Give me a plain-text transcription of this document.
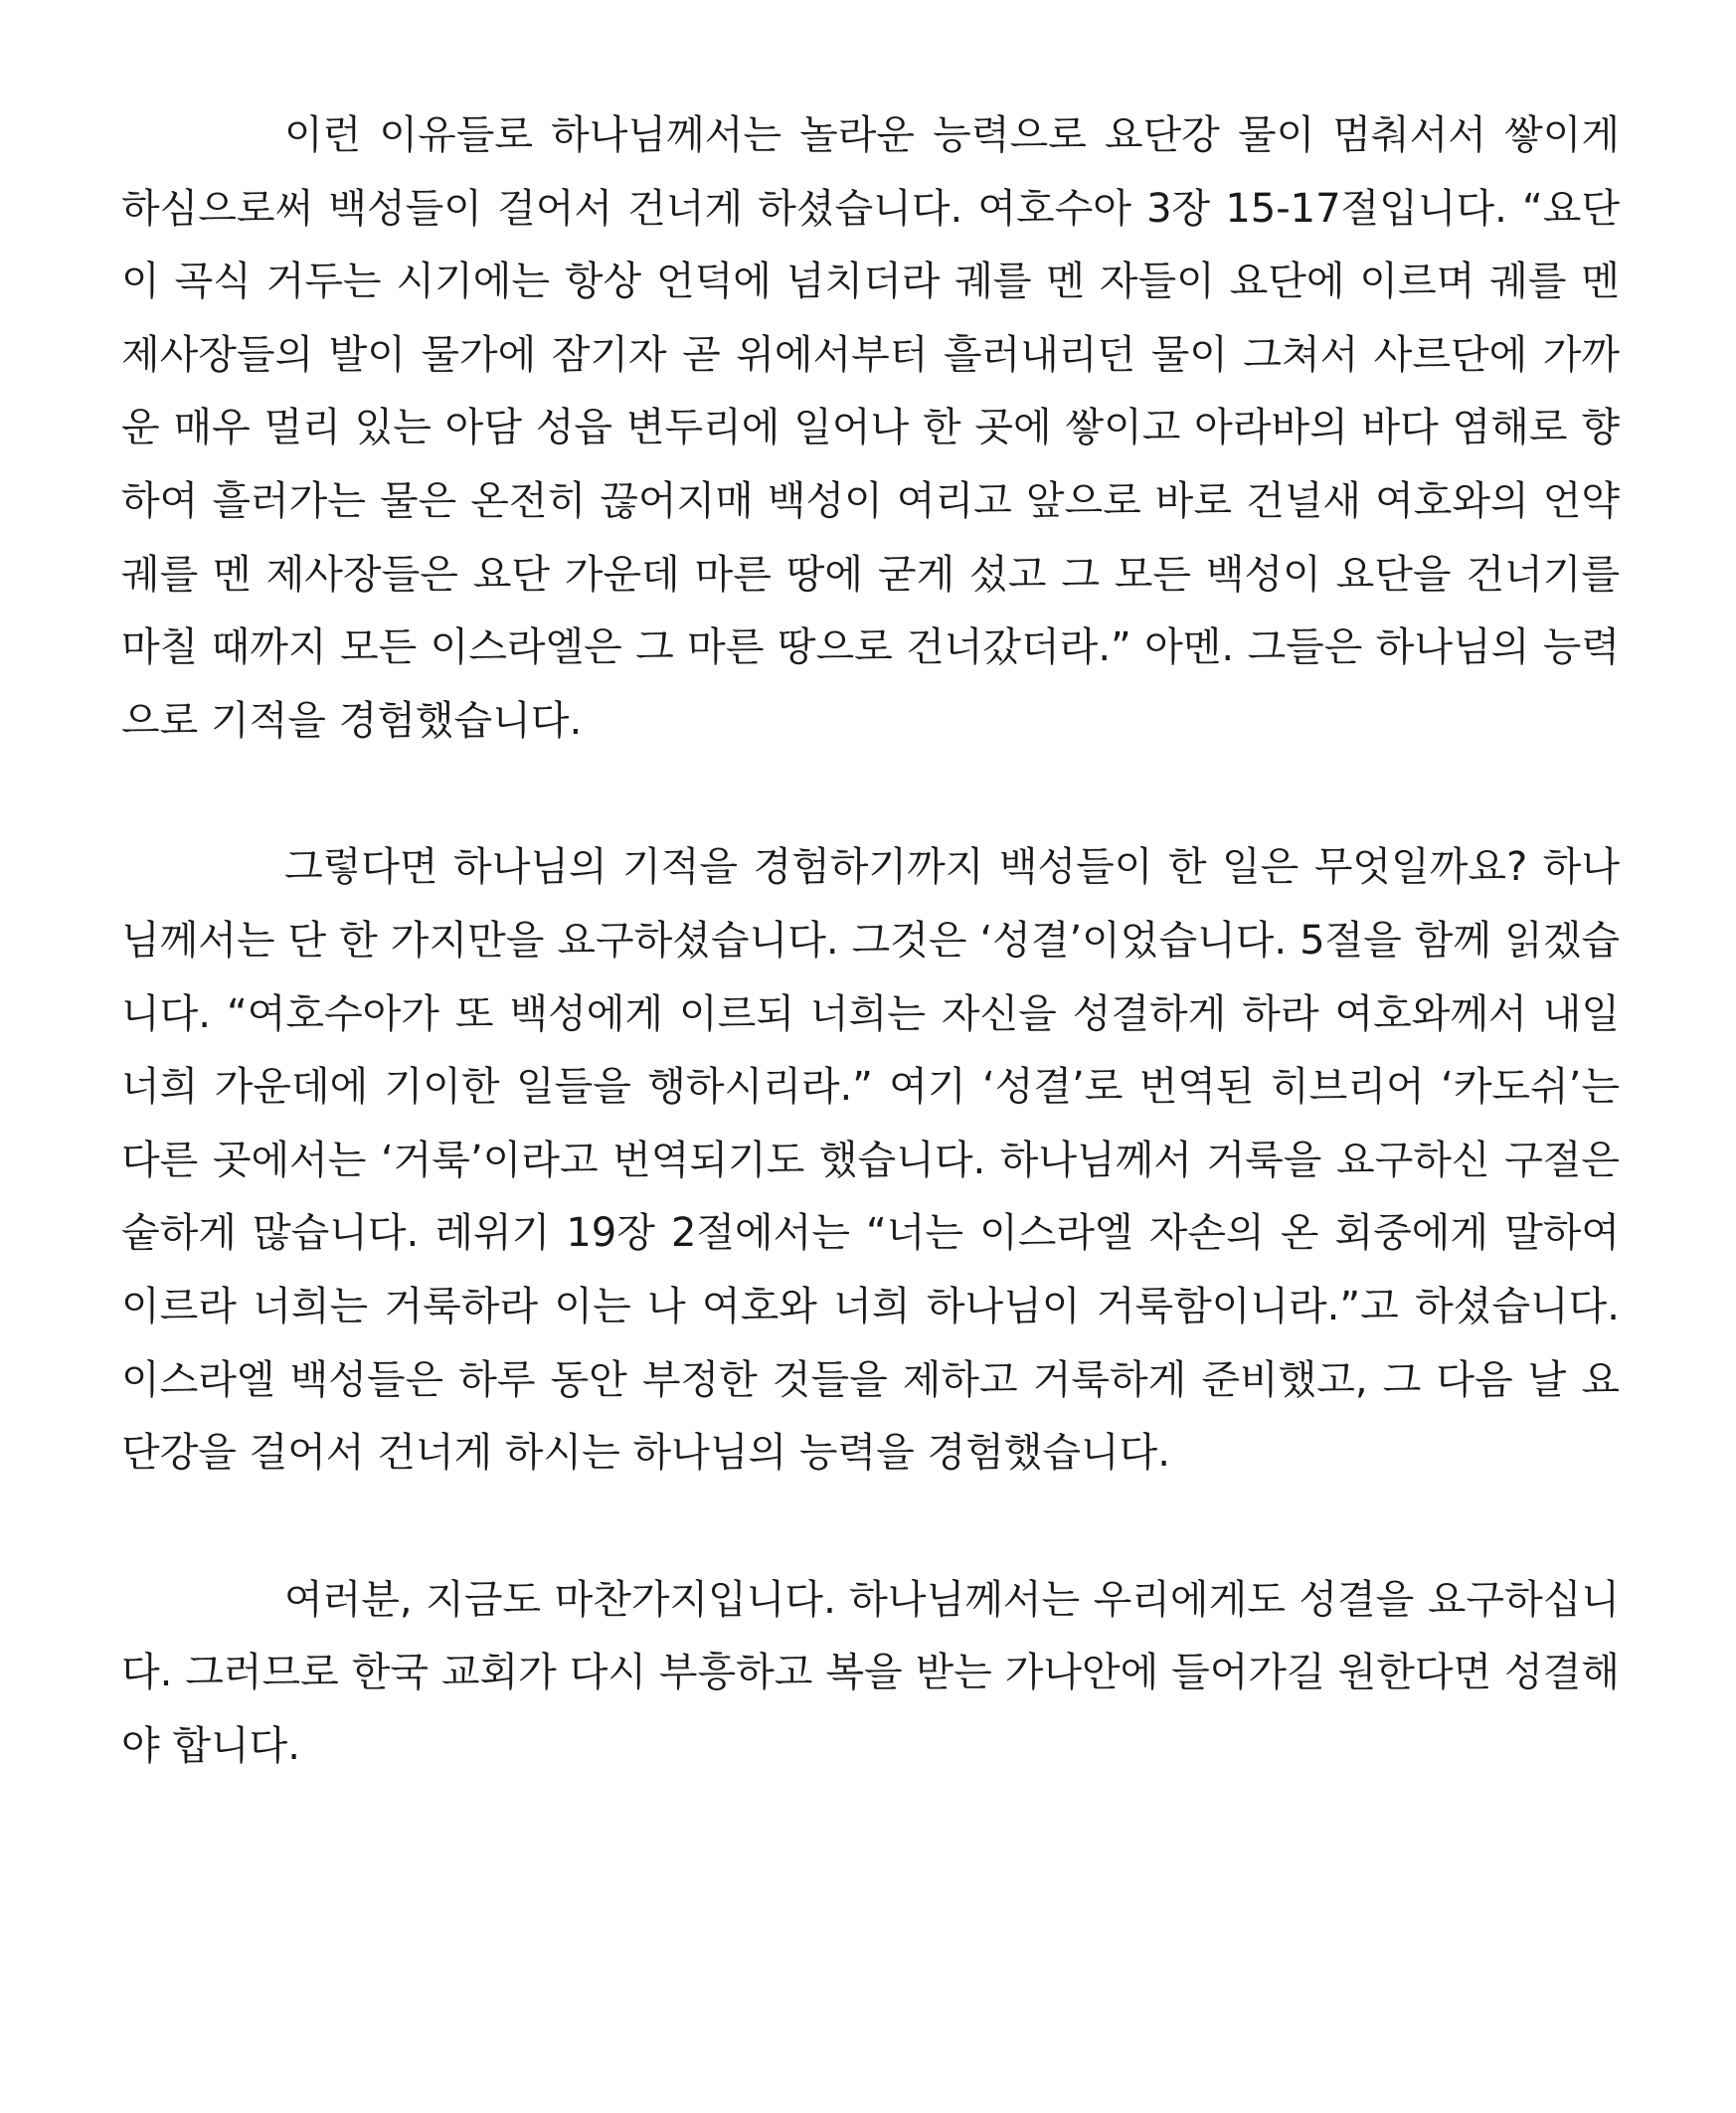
이런 이유들로 하나님께서는 놀라운 능력으로 요단강 물이 멈춰서서 쌓이게 하심으로써 백성들이 걸어서 건너게 하셨습니다. 여호수아 3장 15-17절입니다. “요단이 곡식 거두는 시기에는 항상 언덕에 넘치더라 궤를 멘 자들이 요단에 이르며 궤를 멘 제사장들의 발이 물가에 잠기자 곧 위에서부터 흘러내리던 물이 그쳐서 사르단에 가까운 매우 멀리 있는 아담 성읍 변두리에 일어나 한 곳에 쌓이고 아라바의 바다 염해로 향하여 흘러가는 물은 온전히 끊어지매 백성이 여리고 앞으로 바로 건널새 여호와의 언약궤를 멘 제사장들은 요단 가운데 마른 땅에 굳게 섰고 그 모든 백성이 요단을 건너기를 마칠 때까지 모든 이스라엘은 그 마른 땅으로 건너갔더라.” 아멘. 그들은 하나님의 능력으로 기적을 경험했습니다.

그렇다면 하나님의 기적을 경험하기까지 백성들이 한 일은 무엇일까요? 하나님께서는 단 한 가지만을 요구하셨습니다. 그것은 ‘성결’이었습니다. 5절을 함께 읽겠습니다. “여호수아가 또 백성에게 이르되 너희는 자신을 성결하게 하라 여호와께서 내일 너희 가운데에 기이한 일들을 행하시리라.” 여기 ‘성결’로 번역된 히브리어 ‘카도쉬’는 다른 곳에서는 ‘거룩’이라고 번역되기도 했습니다. 하나님께서 거룩을 요구하신 구절은 숱하게 많습니다. 레위기 19장 2절에서는 “너는 이스라엘 자손의 온 회중에게 말하여 이르라 너희는 거룩하라 이는 나 여호와 너희 하나님이 거룩함이니라.”고 하셨습니다. 이스라엘 백성들은 하루 동안 부정한 것들을 제하고 거룩하게 준비했고, 그 다음 날 요단강을 걸어서 건너게 하시는 하나님의 능력을 경험했습니다.

여러분, 지금도 마찬가지입니다. 하나님께서는 우리에게도 성결을 요구하십니다. 그러므로 한국 교회가 다시 부흥하고 복을 받는 가나안에 들어가길 원한다면 성결해야 합니다.
